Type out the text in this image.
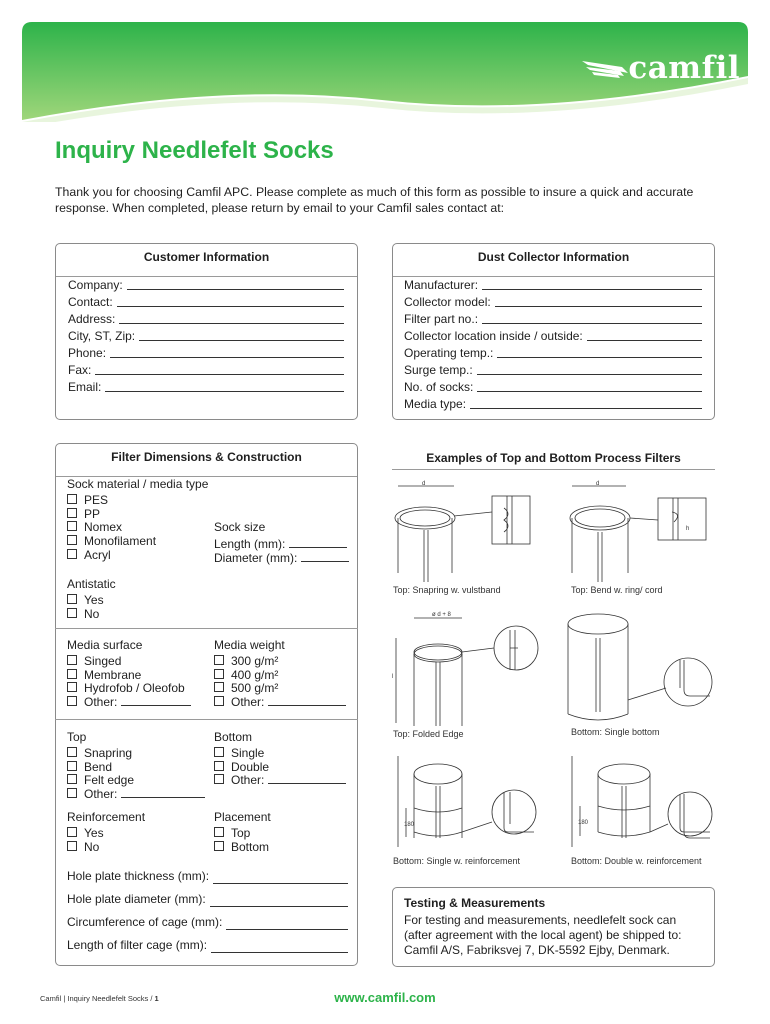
camfil
Inquiry Needlefelt Socks

Thank you for choosing Camfil APC. Please complete as much of this form as possible to insure a quick and accurate response. When completed, please return by email to your Camfil sales contact at:

Customer Information
Company:
Contact:
Address:
City, ST, Zip:
Phone:
Fax:
Email:
Dust Collector Information
Manufacturer:
Collector model:
Filter part no.:
Collector location inside / outside:
Operating temp.:
Surge temp.:
No. of socks:
Media type:
Filter Dimensions & Construction
Sock material / media type
PES
PP
Nomex
Monofilament
Acryl
Sock size
Length (mm):
Diameter (mm):
Antistatic
Yes
No
Media surface
Singed
Membrane
Hydrofob / Oleofob
Other:
Media weight
300 g/m²
400 g/m²
500 g/m²
Other:
Top
Snapring
Bend
Felt edge
Other:
Bottom
Single
Double
Other:
Reinforcement
Yes
No
Placement
Top
Bottom
Hole plate thickness (mm):
Hole plate diameter (mm):
Circumference of cage (mm):
Length of filter cage (mm):
Examples of Top and Bottom Process Filters
d	d
h
Top: Snapring w. vulstband	Top: Bend w. ring/ cord
ø d + 8
l
Top: Folded Edge	Bottom: Single bottom
180	180
Bottom: Single w. reinforcement	Bottom: Double w. reinforcement
Testing & Measurements
For testing and measurements, needlefelt sock can (after agreement with the local agent) be shipped to: Camfil A/S, Fabriksvej 7, DK-5592 Ejby, Denmark.
Camfil | Inquiry Needlefelt Socks / 1	www.camfil.com
